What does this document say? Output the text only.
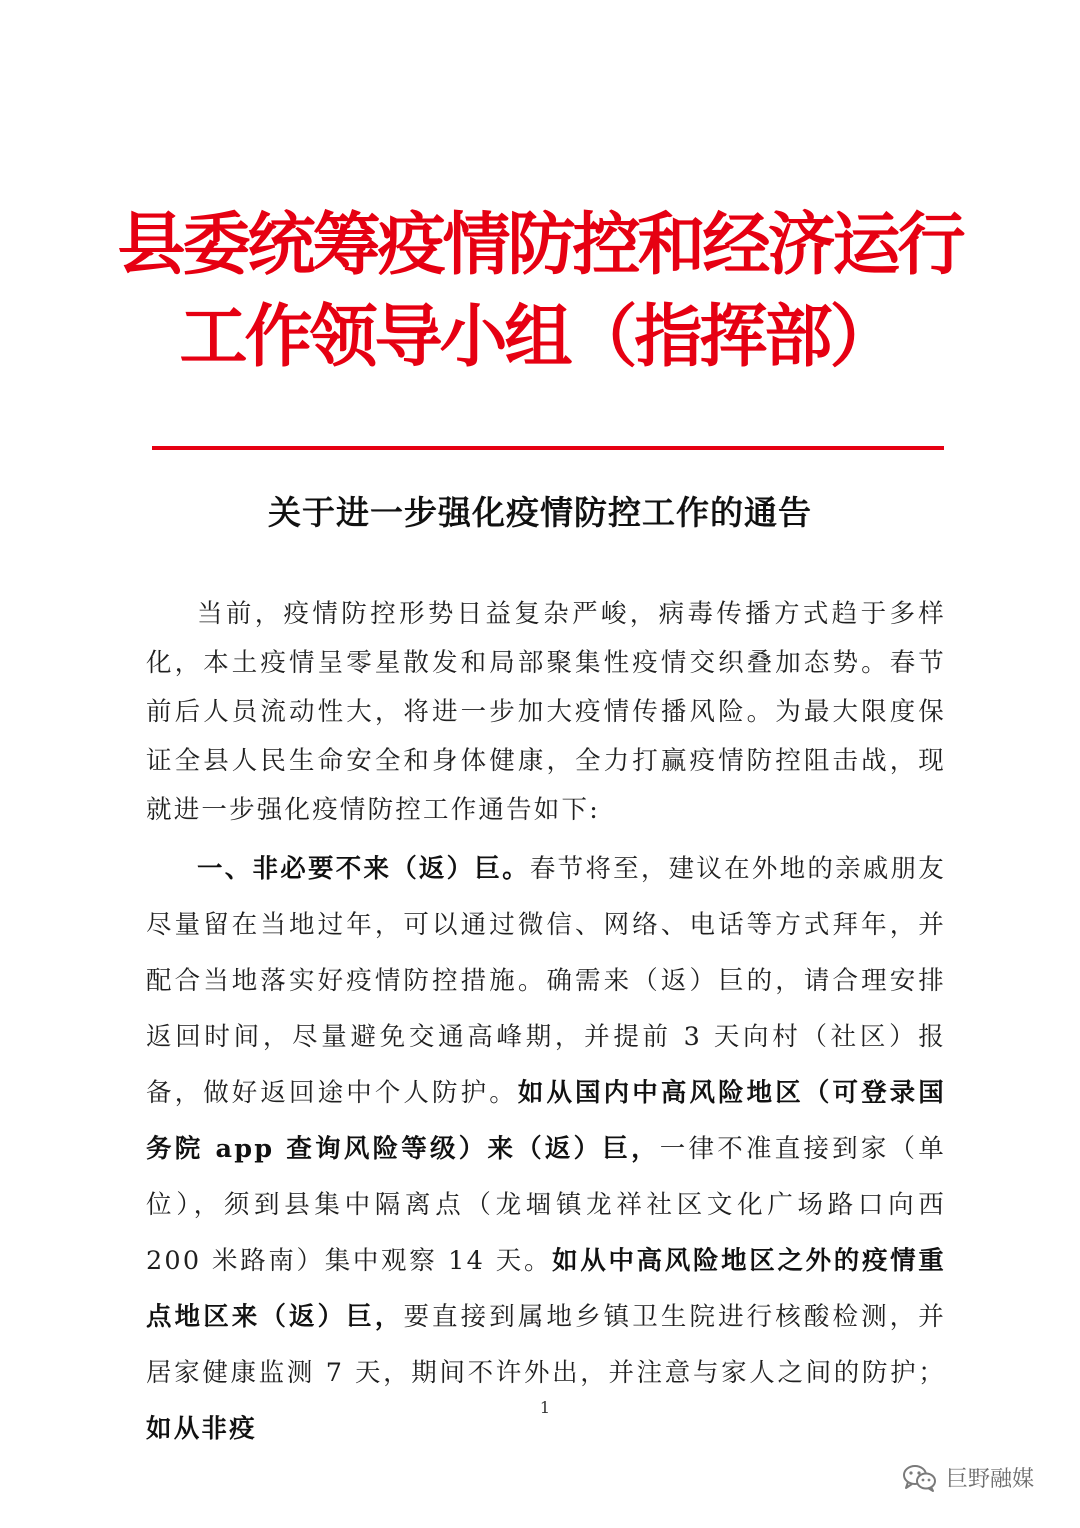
县委统筹疫情防控和经济运行
工作领导小组（指挥部）
关于进一步强化疫情防控工作的通告

当前，疫情防控形势日益复杂严峻，病毒传播方式趋于多样化，本土疫情呈零星散发和局部聚集性疫情交织叠加态势。春节前后人员流动性大，将进一步加大疫情传播风险。为最大限度保证全县人民生命安全和身体健康，全力打赢疫情防控阻击战，现就进一步强化疫情防控工作通告如下:

一、非必要不来（返）巨。春节将至，建议在外地的亲戚朋友尽量留在当地过年，可以通过微信、网络、电话等方式拜年，并配合当地落实好疫情防控措施。确需来（返）巨的，请合理安排返回时间，尽量避免交通高峰期，并提前 3 天向村（社区）报备，做好返回途中个人防护。如从国内中高风险地区（可登录国务院 app 查询风险等级）来（返）巨，一律不准直接到家（单位），须到县集中隔离点（龙堌镇龙祥社区文化广场路口向西 200 米路南）集中观察 14 天。如从中高风险地区之外的疫情重点地区来（返）巨，要直接到属地乡镇卫生院进行核酸检测，并居家健康监测 7 天，期间不许外出，并注意与家人之间的防护；如从非疫

1
巨野融媒
